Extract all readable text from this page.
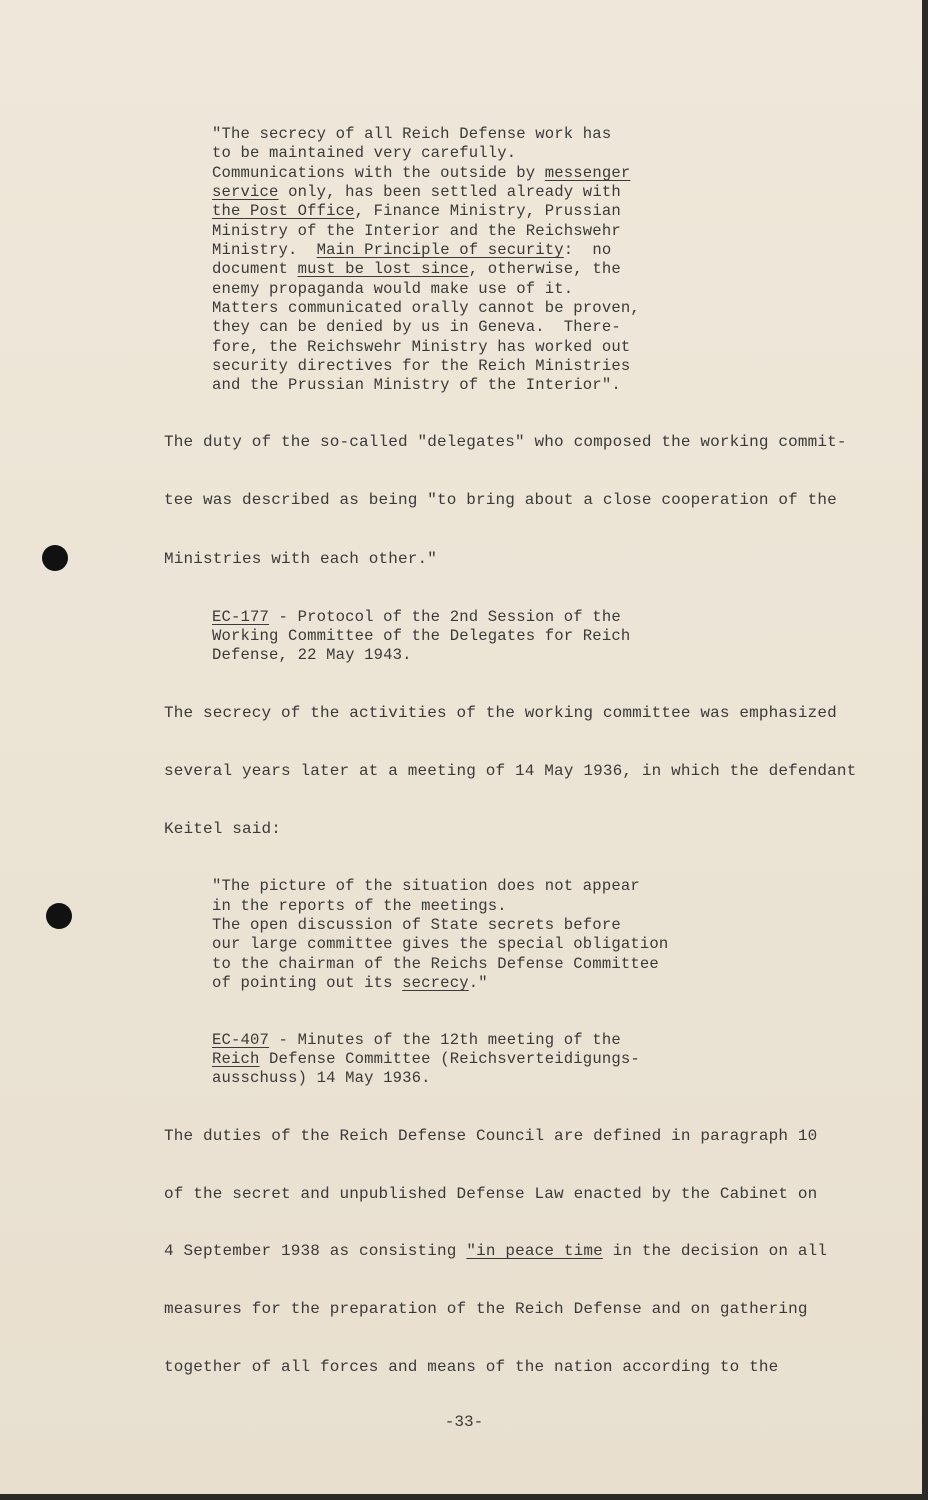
"The secrecy of all Reich Defense work has

to be maintained very carefully.

Communications with the outside by messenger

service only, has been settled already with

the Post Office, Finance Ministry, Prussian

Ministry of the Interior and the Reichswehr

Ministry.  Main Principle of security:  no

document must be lost since, otherwise, the

enemy propaganda would make use of it.

Matters communicated orally cannot be proven,

they can be denied by us in Geneva.  There-

fore, the Reichswehr Ministry has worked out

security directives for the Reich Ministries

and the Prussian Ministry of the Interior".

The duty of the so-called "delegates" who composed the working commit-

tee was described as being "to bring about a close cooperation of the

Ministries with each other."

EC-177 - Protocol of the 2nd Session of the

Working Committee of the Delegates for Reich

Defense, 22 May 1943.

The secrecy of the activities of the working committee was emphasized

several years later at a meeting of 14 May 1936, in which the defendant

Keitel said:

"The picture of the situation does not appear

in the reports of the meetings.

The open discussion of State secrets before

our large committee gives the special obligation

to the chairman of the Reichs Defense Committee

of pointing out its secrecy."

EC-407 - Minutes of the 12th meeting of the

Reich Defense Committee (Reichsverteidigungs-

ausschuss) 14 May 1936.

The duties of the Reich Defense Council are defined in paragraph 10

of the secret and unpublished Defense Law enacted by the Cabinet on

4 September 1938 as consisting "in peace time in the decision on all

measures for the preparation of the Reich Defense and on gathering

together of all forces and means of the nation according to the

-33-
